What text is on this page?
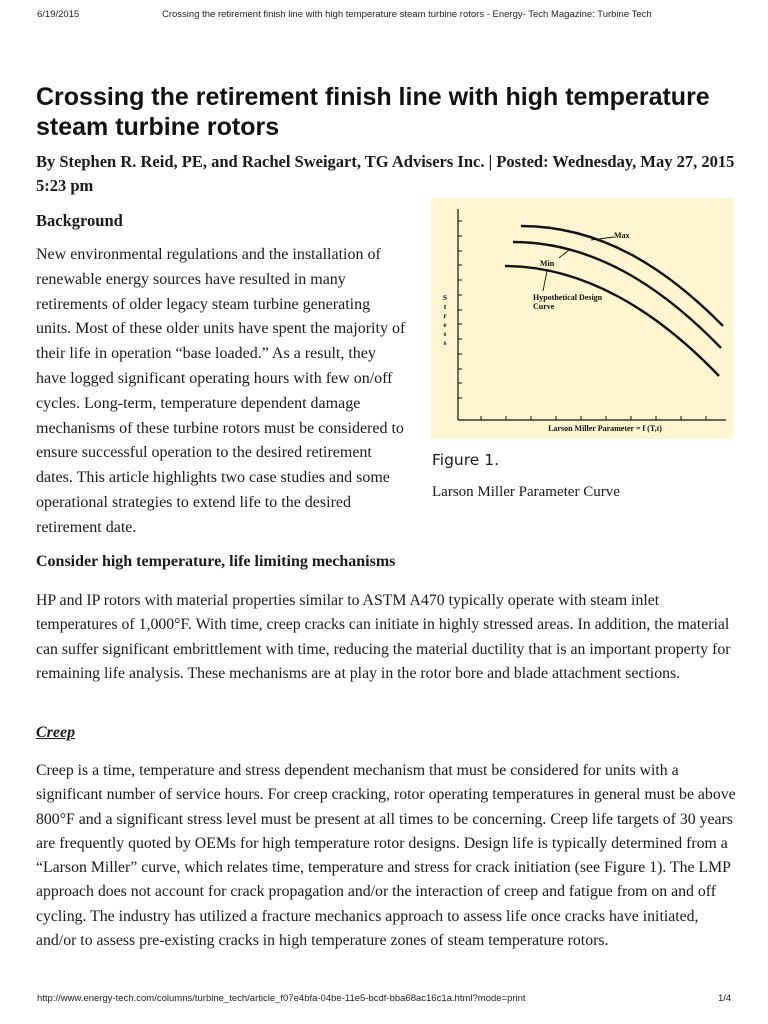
6/19/2015	Crossing the retirement finish line with high temperature steam turbine rotors - Energy- Tech Magazine: Turbine Tech
Crossing the retirement finish line with high temperature steam turbine rotors

By Stephen R. Reid, PE, and Rachel Sweigart, TG Advisers Inc. | Posted: Wednesday, May 27, 2015 5:23 pm

Background

New environmental regulations and the installation of renewable energy sources have resulted in many retirements of older legacy steam turbine generating units. Most of these older units have spent the majority of their life in operation “base loaded.” As a result, they have logged significant operating hours with few on/off cycles. Long-term, temperature dependent damage mechanisms of these turbine rotors must be considered to ensure successful operation to the desired retirement dates. This article highlights two case studies and some operational strategies to extend life to the desired retirement date.

Max
Min
Hypothetical Design
Curve
S
t
r
e
s
s
Larson Miller Parameter = f (T,t)
Figure 1.
Larson Miller Parameter Curve
Consider high temperature, life limiting mechanisms

HP and IP rotors with material properties similar to ASTM A470 typically operate with steam inlet temperatures of 1,000°F. With time, creep cracks can initiate in highly stressed areas. In addition, the material can suffer significant embrittlement with time, reducing the material ductility that is an important property for remaining life analysis. These mechanisms are at play in the rotor bore and blade attachment sections.

Creep

Creep is a time, temperature and stress dependent mechanism that must be considered for units with a significant number of service hours. For creep cracking, rotor operating temperatures in general must be above 800°F and a significant stress level must be present at all times to be concerning. Creep life targets of 30 years are frequently quoted by OEMs for high temperature rotor designs. Design life is typically determined from a “Larson Miller” curve, which relates time, temperature and stress for crack initiation (see Figure 1). The LMP approach does not account for crack propagation and/or the interaction of creep and fatigue from on and off cycling. The industry has utilized a fracture mechanics approach to assess life once cracks have initiated, and/or to assess pre-existing cracks in high temperature zones of steam temperature rotors.

http://www.energy-tech.com/columns/turbine_tech/article_f07e4bfa-04be-11e5-bcdf-bba68ac16c1a.html?mode=print	1/4
